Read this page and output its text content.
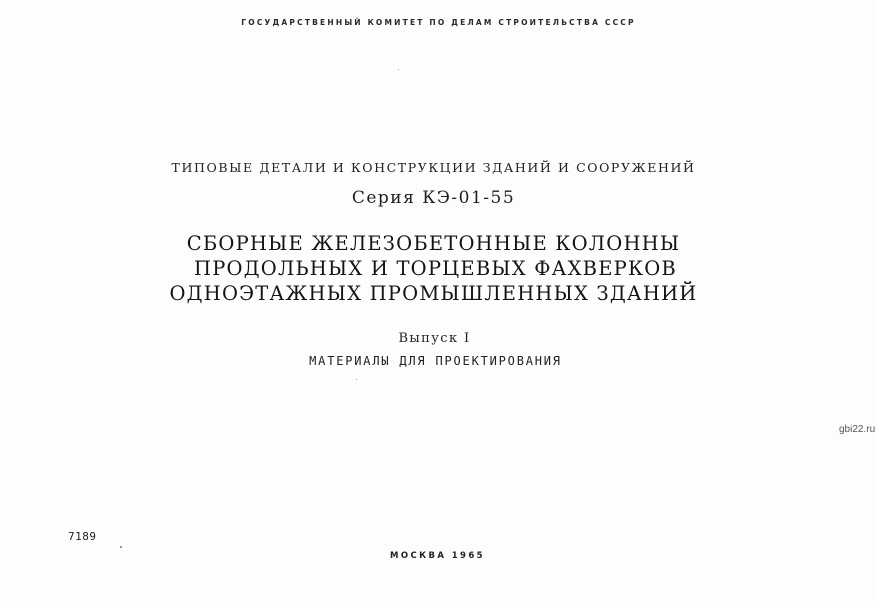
ГОСУДАРСТВЕННЫЙ КОМИТЕТ ПО ДЕЛАМ СТРОИТЕЛЬСТВА СССР
ТИПОВЫЕ ДЕТАЛИ И КОНСТРУКЦИИ ЗДАНИЙ И СООРУЖЕНИЙ
Серия КЭ-01-55
СБОРНЫЕ ЖЕЛЕЗОБЕТОННЫЕ КОЛОННЫ
ПРОДОЛЬНЫХ И ТОРЦЕВЫХ ФАХВЕРКОВ
ОДНОЭТАЖНЫХ ПРОМЫШЛЕННЫХ ЗДАНИЙ
Выпуск I
МАТЕРИАЛЫ ДЛЯ ПРОЕКТИРОВАНИЯ
gbi22.ru
7189
МОСКВА 1965
